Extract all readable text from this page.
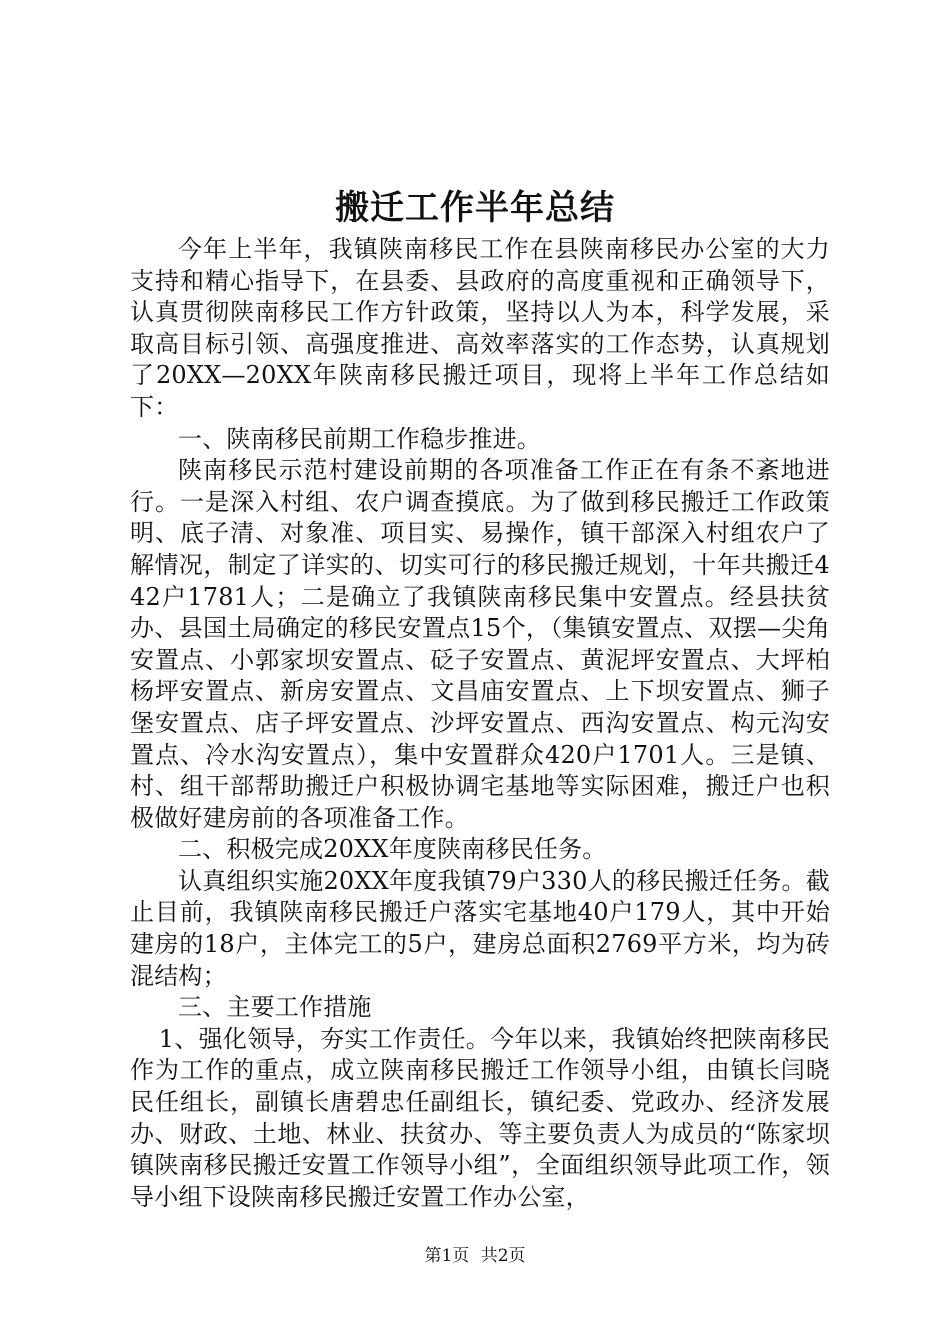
搬迁工作半年总结

今年上半年，我镇陕南移民工作在县陕南移民办公室的大力支持和精心指导下，在县委、县政府的高度重视和正确领导下，认真贯彻陕南移民工作方针政策，坚持以人为本，科学发展，采取高目标引领、高强度推进、高效率落实的工作态势，认真规划了20XX—20XX年陕南移民搬迁项目，现将上半年工作总结如下：

一、陕南移民前期工作稳步推进。

陕南移民示范村建设前期的各项准备工作正在有条不紊地进行。一是深入村组、农户调查摸底。为了做到移民搬迁工作政策明、底子清、对象准、项目实、易操作，镇干部深入村组农户了解情况，制定了详实的、切实可行的移民搬迁规划，十年共搬迁442户1781人；二是确立了我镇陕南移民集中安置点。经县扶贫办、县国土局确定的移民安置点15个，（集镇安置点、双摆—尖角安置点、小郭家坝安置点、砭子安置点、黄泥坪安置点、大坪柏杨坪安置点、新房安置点、文昌庙安置点、上下坝安置点、狮子堡安置点、店子坪安置点、沙坪安置点、西沟安置点、构元沟安置点、冷水沟安置点），集中安置群众420户1701人。三是镇、村、组干部帮助搬迁户积极协调宅基地等实际困难，搬迁户也积极做好建房前的各项准备工作。

二、积极完成20XX年度陕南移民任务。

认真组织实施20XX年度我镇79户330人的移民搬迁任务。截止目前，我镇陕南移民搬迁户落实宅基地40户179人，其中开始建房的18户，主体完工的5户，建房总面积2769平方米，均为砖混结构；

三、主要工作措施

1、强化领导，夯实工作责任。今年以来，我镇始终把陕南移民作为工作的重点，成立陕南移民搬迁工作领导小组，由镇长闫晓民任组长，副镇长唐碧忠任副组长，镇纪委、党政办、经济发展办、财政、土地、林业、扶贫办、等主要负责人为成员的“陈家坝镇陕南移民搬迁安置工作领导小组”，全面组织领导此项工作，领导小组下设陕南移民搬迁安置工作办公室，

第1页 共2页
